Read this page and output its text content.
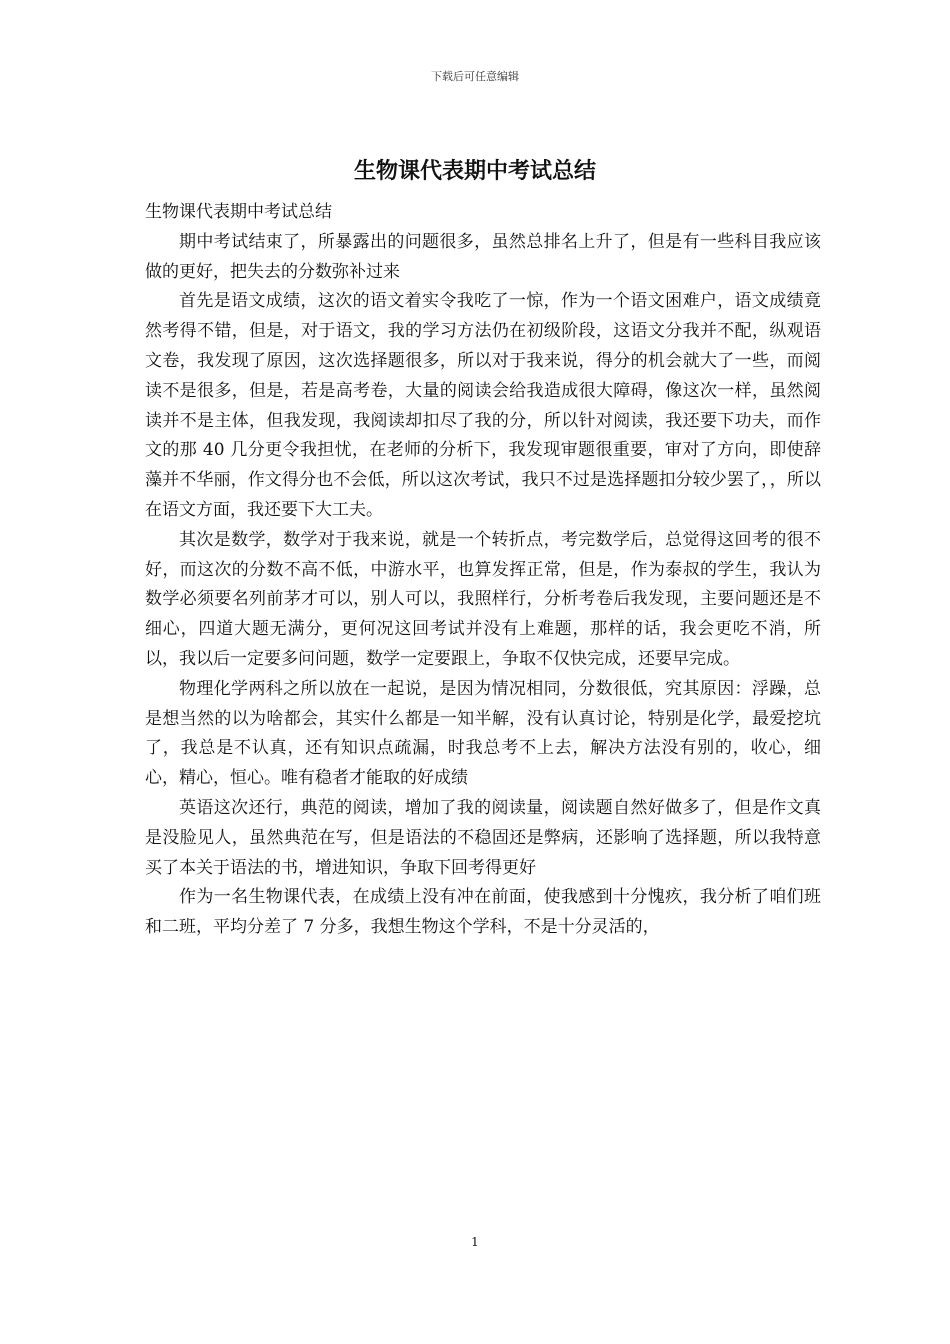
下载后可任意编辑
生物课代表期中考试总结

生物课代表期中考试总结

期中考试结束了，所暴露出的问题很多，虽然总排名上升了，但是有一些科目我应该做的更好，把失去的分数弥补过来

首先是语文成绩，这次的语文着实令我吃了一惊，作为一个语文困难户，语文成绩竟然考得不错，但是，对于语文，我的学习方法仍在初级阶段，这语文分我并不配，纵观语文卷，我发现了原因，这次选择题很多，所以对于我来说，得分的机会就大了一些，而阅读不是很多，但是，若是高考卷，大量的阅读会给我造成很大障碍，像这次一样，虽然阅读并不是主体，但我发现，我阅读却扣尽了我的分，所以针对阅读，我还要下功夫，而作文的那 40 几分更令我担忧，在老师的分析下，我发现审题很重要，审对了方向，即使辞藻并不华丽，作文得分也不会低，所以这次考试，我只不过是选择题扣分较少罢了，，所以在语文方面，我还要下大工夫。

其次是数学，数学对于我来说，就是一个转折点，考完数学后，总觉得这回考的很不好，而这次的分数不高不低，中游水平，也算发挥正常，但是，作为泰叔的学生，我认为数学必须要名列前茅才可以，别人可以，我照样行，分析考卷后我发现，主要问题还是不细心，四道大题无满分，更何况这回考试并没有上难题，那样的话，我会更吃不消，所以，我以后一定要多问问题，数学一定要跟上，争取不仅快完成，还要早完成。

物理化学两科之所以放在一起说，是因为情况相同，分数很低，究其原因：浮躁，总是想当然的以为啥都会，其实什么都是一知半解，没有认真讨论，特别是化学，最爱挖坑了，我总是不认真，还有知识点疏漏，时我总考不上去，解决方法没有别的，收心，细心，精心，恒心。唯有稳者才能取的好成绩

英语这次还行，典范的阅读，增加了我的阅读量，阅读题自然好做多了，但是作文真是没脸见人，虽然典范在写，但是语法的不稳固还是弊病，还影响了选择题，所以我特意买了本关于语法的书，增进知识，争取下回考得更好

作为一名生物课代表，在成绩上没有冲在前面，使我感到十分愧疚，我分析了咱们班和二班，平均分差了 7 分多，我想生物这个学科，不是十分灵活的，

1
